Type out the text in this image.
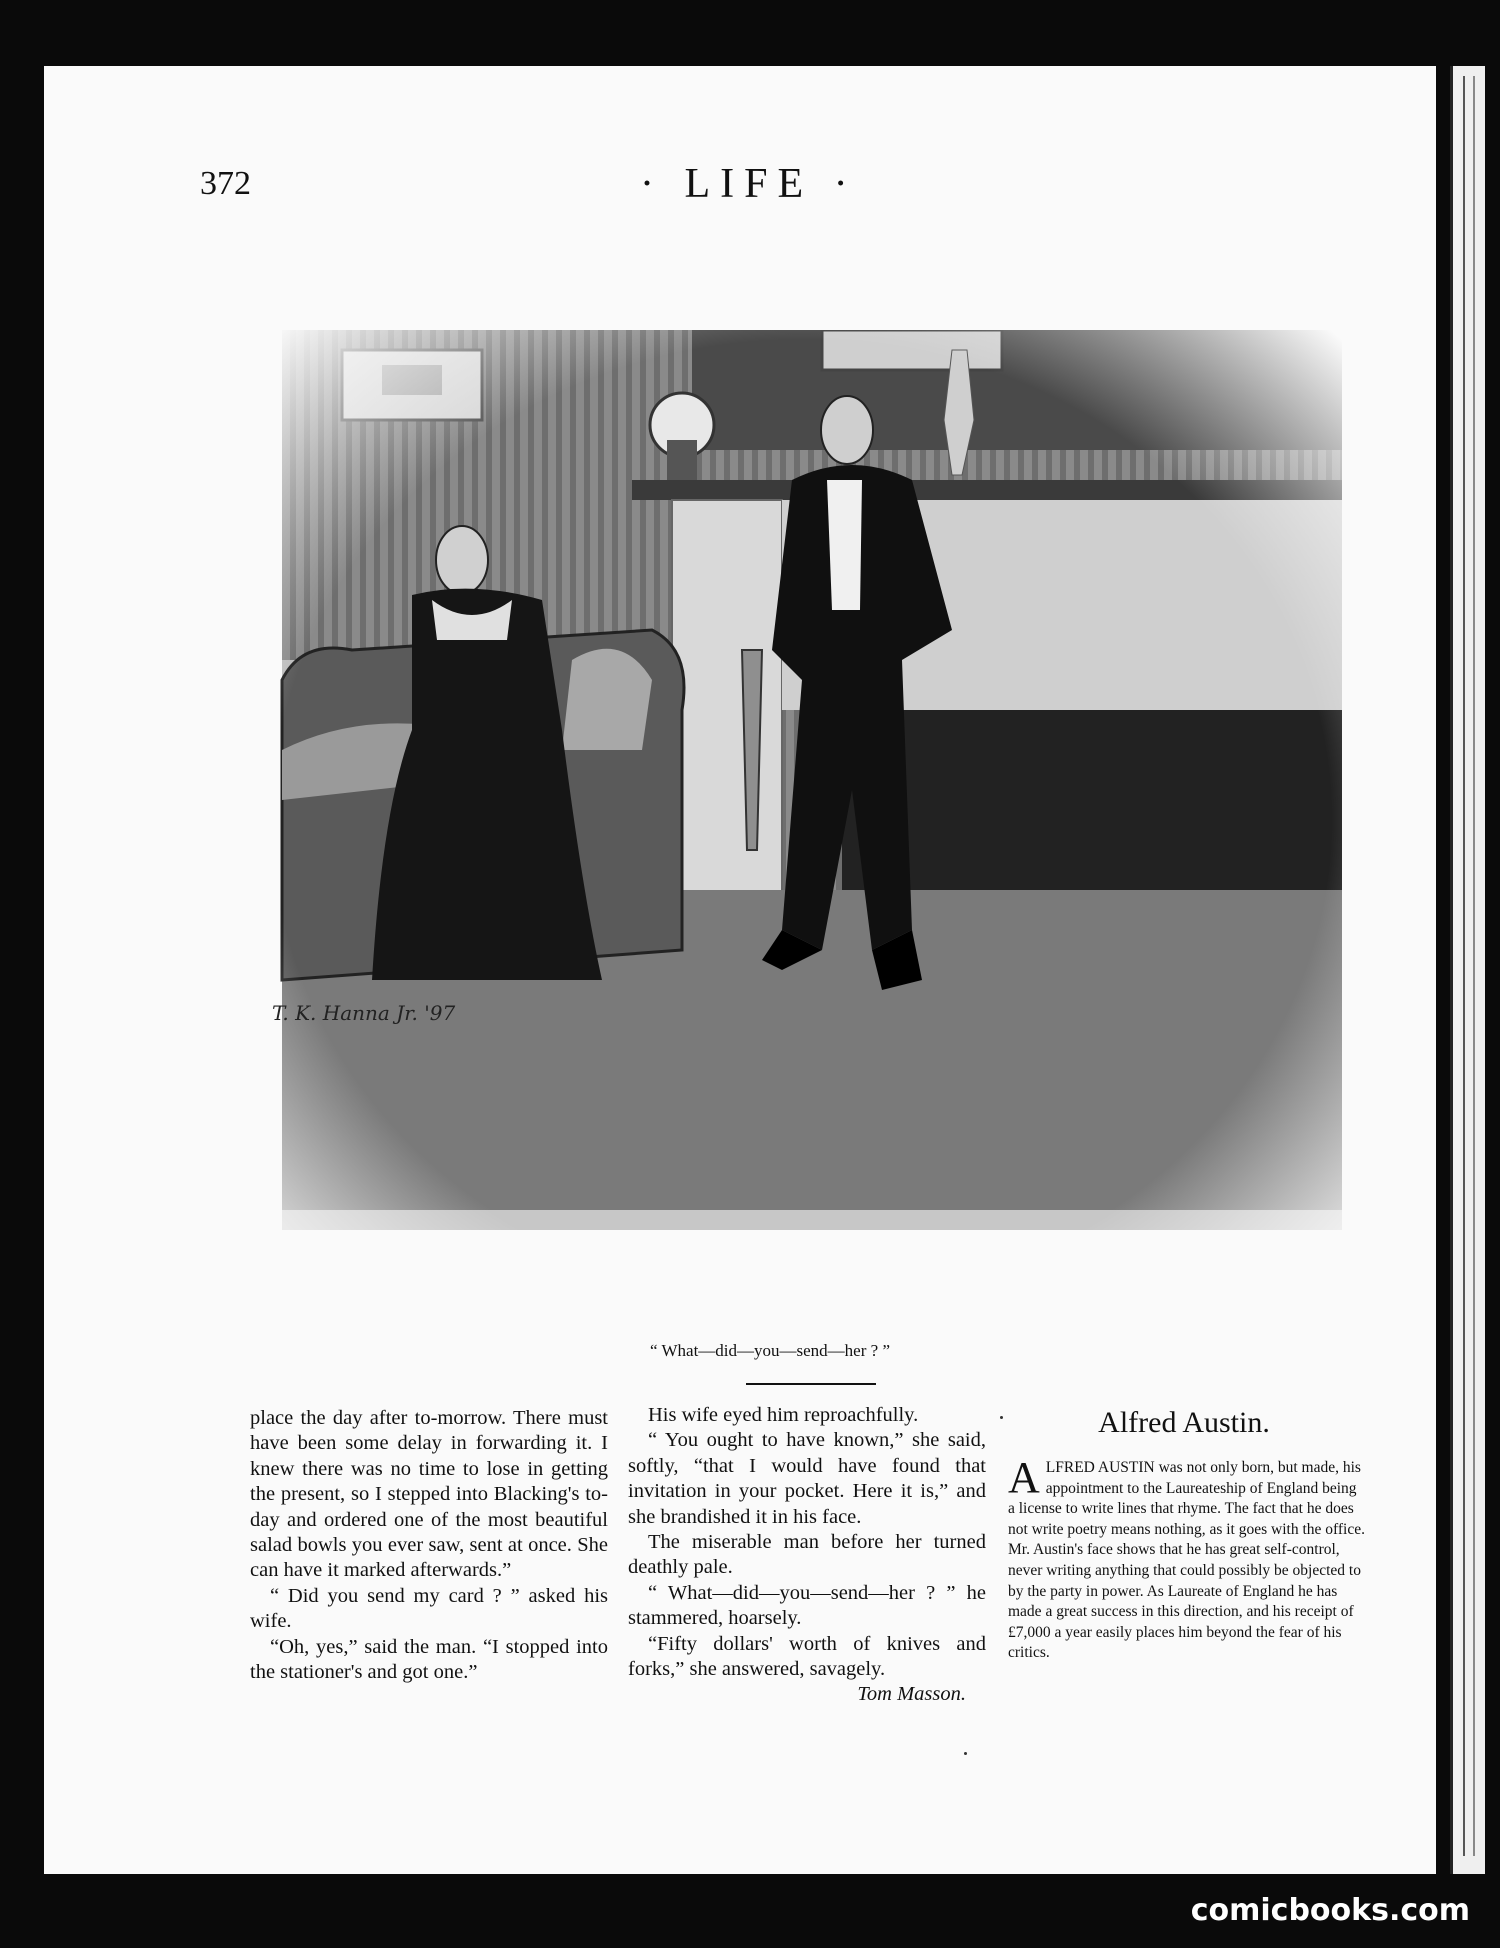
372	· LIFE ·
T. K. Hanna Jr. '97
“ What—did—you—send—her ? ”

place the day after to-morrow. There must have been some delay in forwarding it. I knew there was no time to lose in getting the present, so I stepped into Blacking's to-day and ordered one of the most beautiful salad bowls you ever saw, sent at once. She can have it marked afterwards.”

“ Did you send my card ? ” asked his wife.

“Oh, yes,” said the man. “I stopped into the stationer's and got one.”

His wife eyed him reproachfully.

“ You ought to have known,” she said, softly, “that I would have found that invitation in your pocket. Here it is,” and she brandished it in his face.

The miserable man before her turned deathly pale.

“ What—did—you—send—her ? ” he stammered, hoarsely.

“Fifty dollars' worth of knives and forks,” she answered, savagely.

Tom Masson.

Alfred Austin.
ALFRED AUSTIN was not only born, but made, his appointment to the Laureateship of England being a license to write lines that rhyme. The fact that he does not write poetry means nothing, as it goes with the office. Mr. Austin's face shows that he has great self-control, never writing anything that could possibly be objected to by the party in power. As Laureate of England he has made a great success in this direction, and his receipt of £7,000 a year easily places him beyond the fear of his critics.
comicbooks.com
